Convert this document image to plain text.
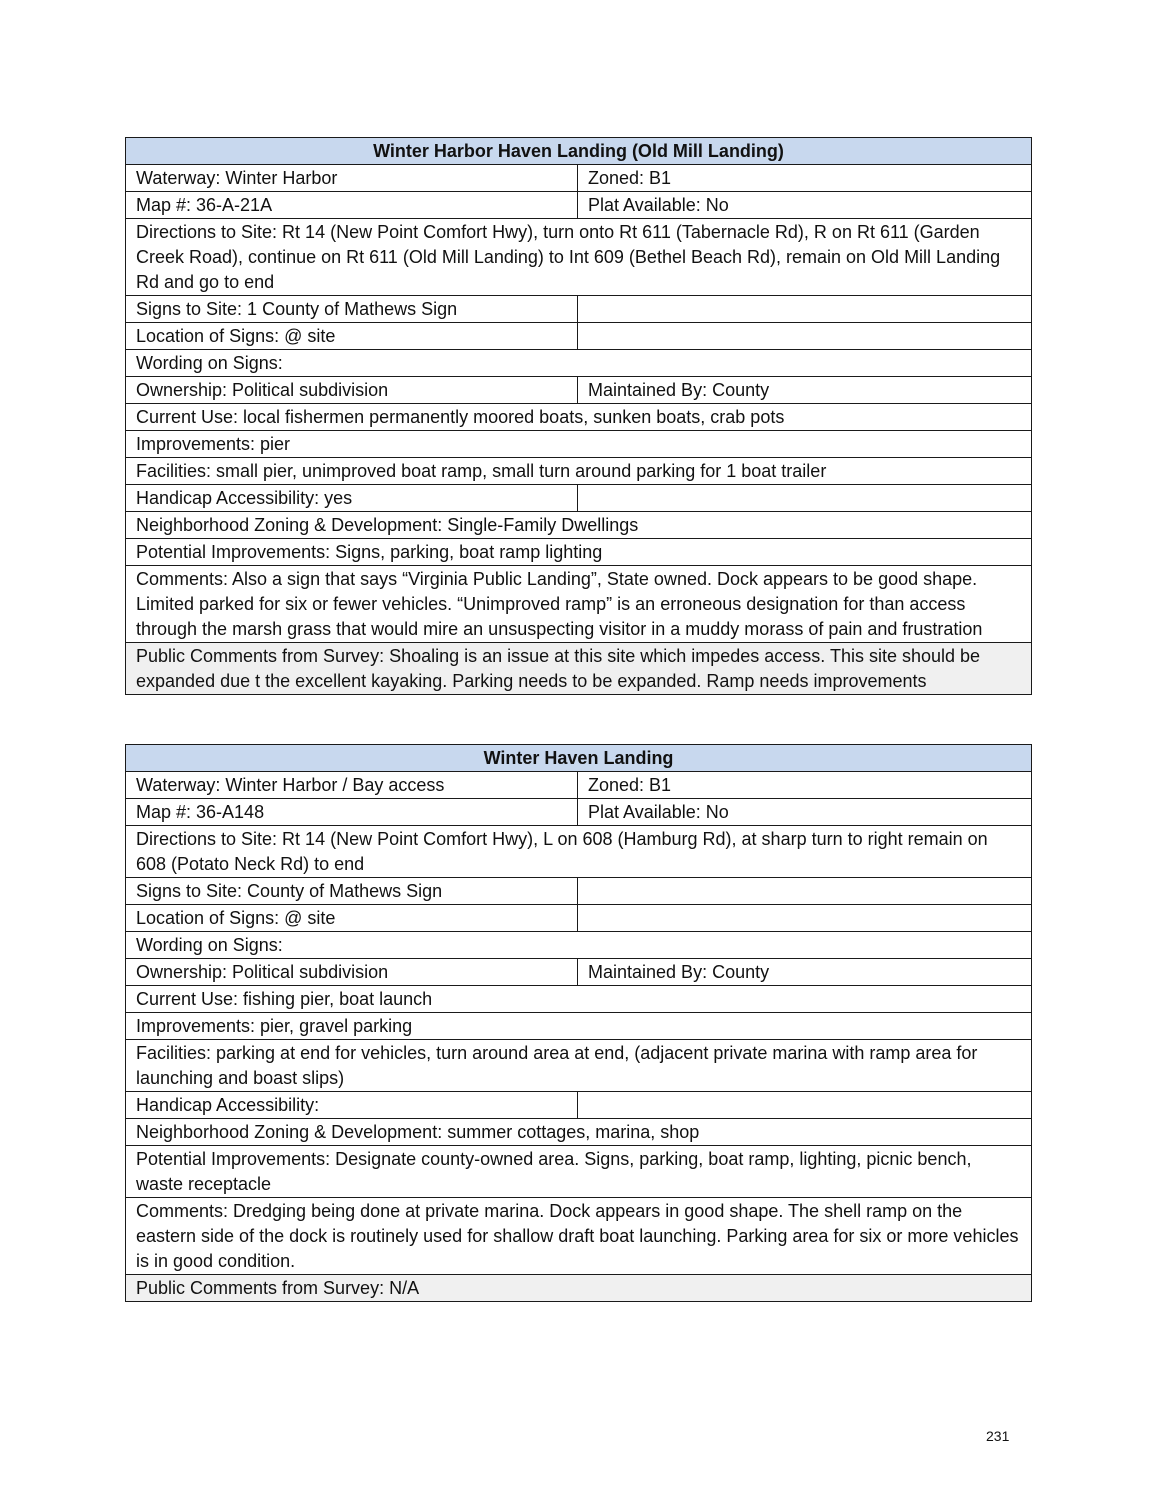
Winter Harbor Haven Landing (Old Mill Landing)	
Waterway: Winter Harbor	Zoned: B1
Map #: 36-A-21A	Plat Available: No
Directions to Site: Rt 14 (New Point Comfort Hwy), turn onto Rt 611 (Tabernacle Rd), R on Rt 611 (Garden Creek Road), continue on Rt 611 (Old Mill Landing) to Int 609 (Bethel Beach Rd), remain on Old Mill Landing Rd and go to end	
Signs to Site: 1 County of Mathews Sign	
Location of Signs: @ site	
Wording on Signs:	
Ownership: Political subdivision	Maintained By: County
Current Use: local fishermen permanently moored boats, sunken boats, crab pots	
Improvements: pier	
Facilities: small pier, unimproved boat ramp, small turn around parking for 1 boat trailer	
Handicap Accessibility: yes	
Neighborhood Zoning & Development: Single-Family Dwellings	
Potential Improvements: Signs, parking, boat ramp lighting	
Comments: Also a sign that says “Virginia Public Landing”, State owned. Dock appears to be good shape. Limited parked for six or fewer vehicles. “Unimproved ramp” is an erroneous designation for than access through the marsh grass that would mire an unsuspecting visitor in a muddy morass of pain and frustration	
Public Comments from Survey: Shoaling is an issue at this site which impedes access. This site should be expanded due t the excellent kayaking. Parking needs to be expanded. Ramp needs improvements	
Winter Haven Landing	
Waterway: Winter Harbor / Bay access	Zoned: B1
Map #: 36-A148	Plat Available: No
Directions to Site: Rt 14 (New Point Comfort Hwy), L on 608 (Hamburg Rd), at sharp turn to right remain on 608 (Potato Neck Rd) to end	
Signs to Site: County of Mathews Sign	
Location of Signs: @ site	
Wording on Signs:	
Ownership: Political subdivision	Maintained By: County
Current Use: fishing pier, boat launch	
Improvements: pier, gravel parking	
Facilities: parking at end for vehicles, turn around area at end, (adjacent private marina with ramp area for launching and boast slips)	
Handicap Accessibility:	
Neighborhood Zoning & Development: summer cottages, marina, shop	
Potential Improvements: Designate county-owned area. Signs, parking, boat ramp, lighting, picnic bench, waste receptacle	
Comments: Dredging being done at private marina. Dock appears in good shape. The shell ramp on the eastern side of the dock is routinely used for shallow draft boat launching. Parking area for six or more vehicles is in good condition.	
Public Comments from Survey: N/A	
231
